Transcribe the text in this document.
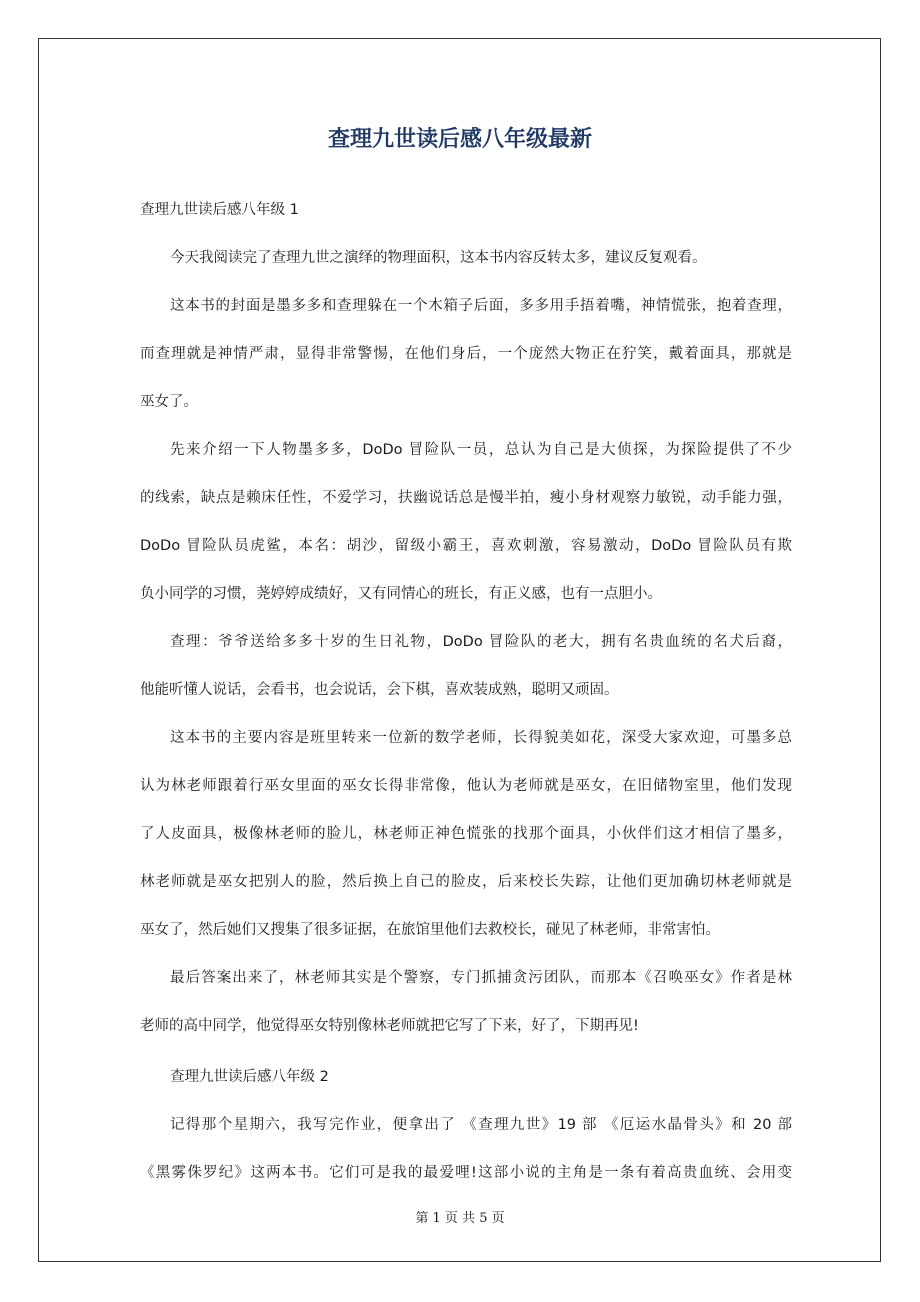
查理九世读后感八年级最新
查理九世读后感八年级 1
今天我阅读完了查理九世之演绎的物理面积，这本书内容反转太多，建议反复观看。
这本书的封面是墨多多和查理躲在一个木箱子后面，多多用手捂着嘴，神情慌张，抱着查理，
而查理就是神情严肃，显得非常警惕，在他们身后，一个庞然大物正在狞笑，戴着面具，那就是
巫女了。
先来介绍一下人物墨多多，DoDo 冒险队一员，总认为自己是大侦探，为探险提供了不少
的线索，缺点是赖床任性，不爱学习，扶幽说话总是慢半拍，瘦小身材观察力敏锐，动手能力强，
DoDo 冒险队员虎鲨，本名：胡沙，留级小霸王，喜欢刺激，容易激动，DoDo 冒险队员有欺
负小同学的习惯，荛婷婷成绩好，又有同情心的班长，有正义感，也有一点胆小。
查理：爷爷送给多多十岁的生日礼物，DoDo 冒险队的老大，拥有名贵血统的名犬后裔，
他能听懂人说话，会看书，也会说话，会下棋，喜欢装成熟，聪明又顽固。
这本书的主要内容是班里转来一位新的数学老师，长得貌美如花，深受大家欢迎，可墨多总
认为林老师跟着行巫女里面的巫女长得非常像，他认为老师就是巫女，在旧储物室里，他们发现
了人皮面具，极像林老师的脸儿，林老师正神色慌张的找那个面具，小伙伴们这才相信了墨多，
林老师就是巫女把别人的脸，然后换上自己的脸皮，后来校长失踪，让他们更加确切林老师就是
巫女了，然后她们又搜集了很多证据，在旅馆里他们去救校长，碰见了林老师，非常害怕。
最后答案出来了，林老师其实是个警察，专门抓捕贪污团队，而那本《召唤巫女》作者是林
老师的高中同学，他觉得巫女特别像林老师就把它写了下来，好了，下期再见!
查理九世读后感八年级 2
记得那个星期六，我写完作业，便拿出了 《查理九世》19 部 《厄运水晶骨头》和 20 部
《黑雾侏罗纪》这两本书。它们可是我的最爱哩!这部小说的主角是一条有着高贵血统、会用变
第 1 页 共 5 页
